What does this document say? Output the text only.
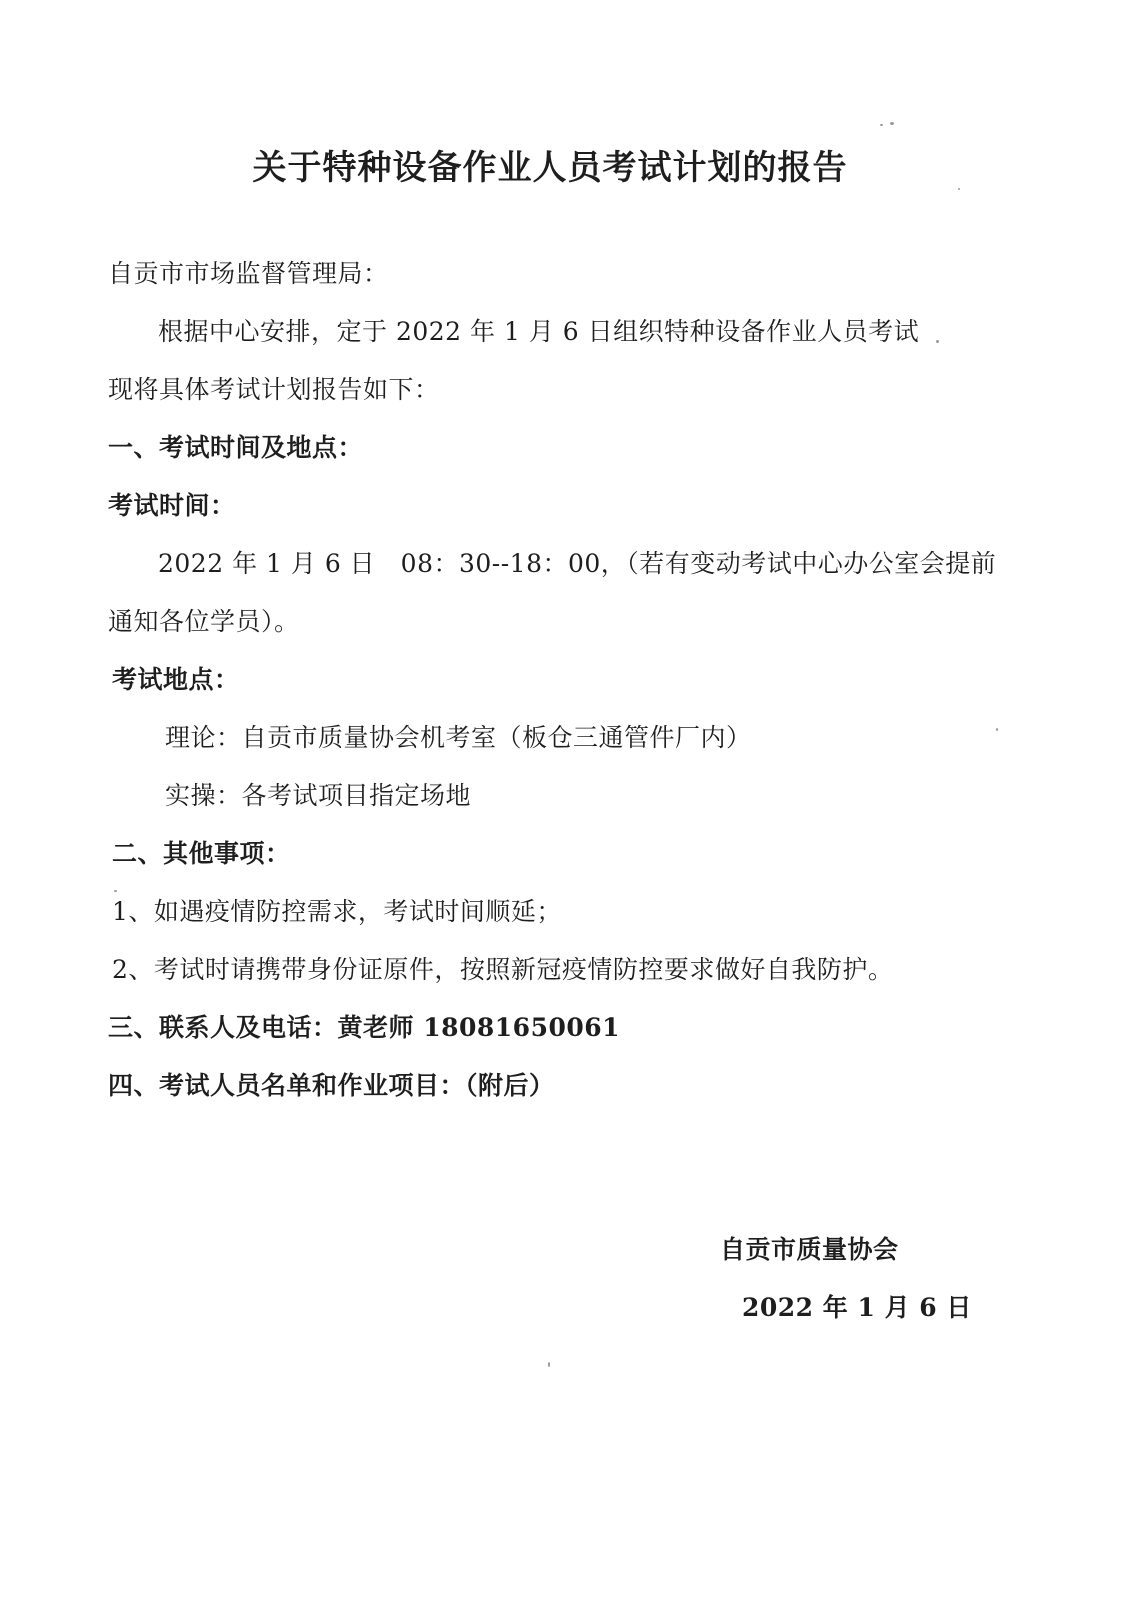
关于特种设备作业人员考试计划的报告
自贡市市场监督管理局：
根据中心安排，定于 2022 年 1 月 6 日组织特种设备作业人员考试
现将具体考试计划报告如下：
一、考试时间及地点：
考试时间：
2022 年 1 月 6 日　08：30--18：00，（若有变动考试中心办公室会提前
通知各位学员）。
考试地点：
理论：自贡市质量协会机考室（板仓三通管件厂内）
实操：各考试项目指定场地
二、其他事项：
1、如遇疫情防控需求，考试时间顺延；
2、考试时请携带身份证原件，按照新冠疫情防控要求做好自我防护。
三、联系人及电话：黄老师 18081650061
四、考试人员名单和作业项目：（附后）
自贡市质量协会
2022 年 1 月 6 日
